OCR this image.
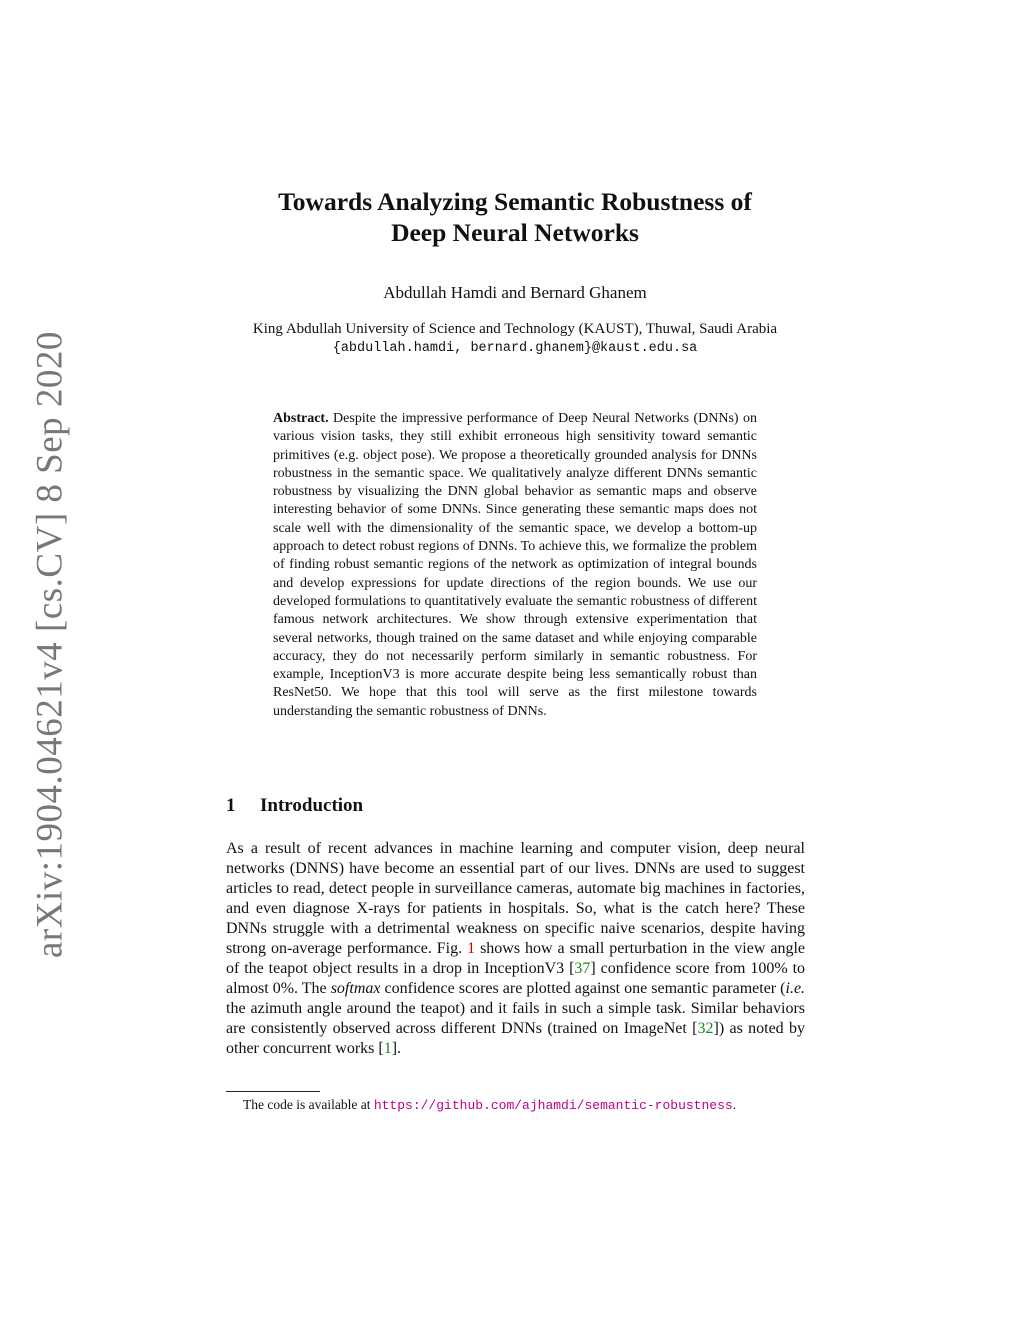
arXiv:1904.04621v4 [cs.CV] 8 Sep 2020
Towards Analyzing Semantic Robustness of
Deep Neural Networks
Abdullah Hamdi and Bernard Ghanem
King Abdullah University of Science and Technology (KAUST), Thuwal, Saudi Arabia
{abdullah.hamdi, bernard.ghanem}@kaust.edu.sa
Abstract. Despite the impressive performance of Deep Neural Networks (DNNs) on various vision tasks, they still exhibit erroneous high sensitivity toward semantic primitives (e.g. object pose). We propose a theoretically grounded analysis for DNNs robustness in the semantic space. We qualitatively analyze different DNNs semantic robustness by visualizing the DNN global behavior as semantic maps and observe interesting behavior of some DNNs. Since generating these semantic maps does not scale well with the dimensionality of the semantic space, we develop a bottom-up approach to detect robust regions of DNNs. To achieve this, we formalize the problem of finding robust semantic regions of the network as optimization of integral bounds and develop expressions for update directions of the region bounds. We use our developed formulations to quantitatively evaluate the semantic robustness of different famous network architectures. We show through extensive experimentation that several networks, though trained on the same dataset and while enjoying comparable accuracy, they do not necessarily perform similarly in semantic robustness. For example, InceptionV3 is more accurate despite being less semantically robust than ResNet50. We hope that this tool will serve as the first milestone towards understanding the semantic robustness of DNNs.
1 Introduction
As a result of recent advances in machine learning and computer vision, deep neural networks (DNNS) have become an essential part of our lives. DNNs are used to suggest articles to read, detect people in surveillance cameras, automate big machines in factories, and even diagnose X-rays for patients in hospitals. So, what is the catch here? These DNNs struggle with a detrimental weakness on specific naive scenarios, despite having strong on-average performance. Fig. 1 shows how a small perturbation in the view angle of the teapot object results in a drop in InceptionV3 [37] confidence score from 100% to almost 0%. The softmax confidence scores are plotted against one semantic parameter (i.e. the azimuth angle around the teapot) and it fails in such a simple task. Similar behaviors are consistently observed across different DNNs (trained on ImageNet [32]) as noted by other concurrent works [1].
The code is available at https://github.com/ajhamdi/semantic-robustness.
